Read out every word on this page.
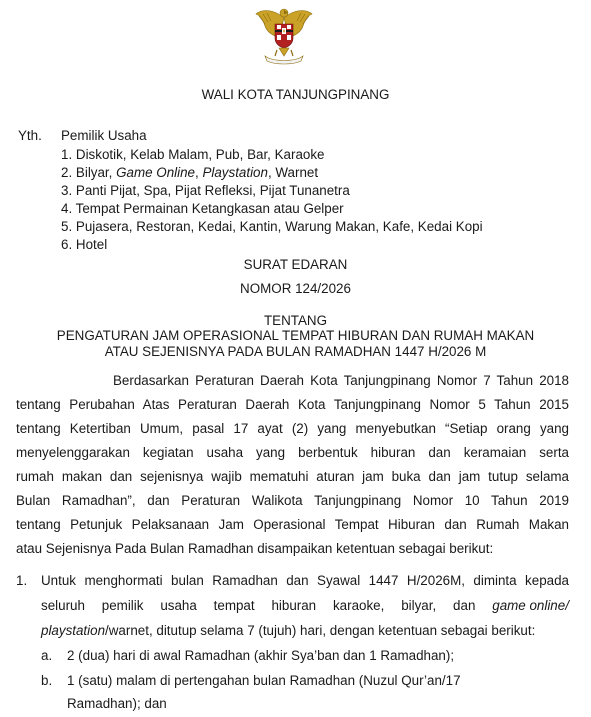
WALI KOTA TANJUNGPINANG
Yth. Pemilik Usaha
1. Diskotik, Kelab Malam, Pub, Bar, Karaoke
2. Bilyar, Game Online, Playstation, Warnet
3. Panti Pijat, Spa, Pijat Refleksi, Pijat Tunanetra
4. Tempat Permainan Ketangkasan atau Gelper
5. Pujasera, Restoran, Kedai, Kantin, Warung Makan, Kafe, Kedai Kopi
6. Hotel
SURAT EDARAN
NOMOR 124/2026
TENTANG
PENGATURAN JAM OPERASIONAL TEMPAT HIBURAN DAN RUMAH MAKAN
ATAU SEJENISNYA PADA BULAN RAMADHAN 1447 H/2026 M
Berdasarkan Peraturan Daerah Kota Tanjungpinang Nomor 7 Tahun 2018
tentang Perubahan Atas Peraturan Daerah Kota Tanjungpinang Nomor 5 Tahun 2015
tentang Ketertiban Umum, pasal 17 ayat (2) yang menyebutkan “Setiap orang yang
menyelenggarakan kegiatan usaha yang berbentuk hiburan dan keramaian serta
rumah makan dan sejenisnya wajib mematuhi aturan jam buka dan jam tutup selama
Bulan Ramadhan”, dan Peraturan Walikota Tanjungpinang Nomor 10 Tahun 2019
tentang Petunjuk Pelaksanaan Jam Operasional Tempat Hiburan dan Rumah Makan
atau Sejenisnya Pada Bulan Ramadhan disampaikan ketentuan sebagai berikut:
1. Untuk menghormati bulan Ramadhan dan Syawal 1447 H/2026M, diminta kepada
seluruh pemilik usaha tempat hiburan karaoke, bilyar, dan game online/
playstation/warnet, ditutup selama 7 (tujuh) hari, dengan ketentuan sebagai berikut:
a. 2 (dua) hari di awal Ramadhan (akhir Sya’ban dan 1 Ramadhan);
b. 1 (satu) malam di pertengahan bulan Ramadhan (Nuzul Qur’an/17
Ramadhan); dan
